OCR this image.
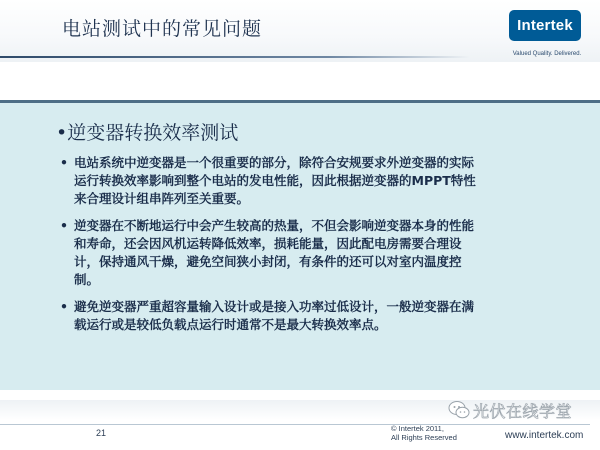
电站测试中的常见问题	Intertek
Valued Quality. Delivered.
•逆变器转换效率测试
• 电站系统中逆变器是一个很重要的部分，除符合安规要求外逆变器的实际运行转换效率影响到整个电站的发电性能，因此根据逆变器的MPPT特性来合理设计组串阵列至关重要。
• 逆变器在不断地运行中会产生较高的热量，不但会影响逆变器本身的性能和寿命，还会因风机运转降低效率，损耗能量，因此配电房需要合理设计，保持通风干燥，避免空间狭小封闭，有条件的还可以对室内温度控制。
• 避免逆变器严重超容量输入设计或是接入功率过低设计，一般逆变器在满载运行或是较低负载点运行时通常不是最大转换效率点。
21	© Intertek 2011,
All Rights Reserved	www.intertek.com
光伏在线学堂
